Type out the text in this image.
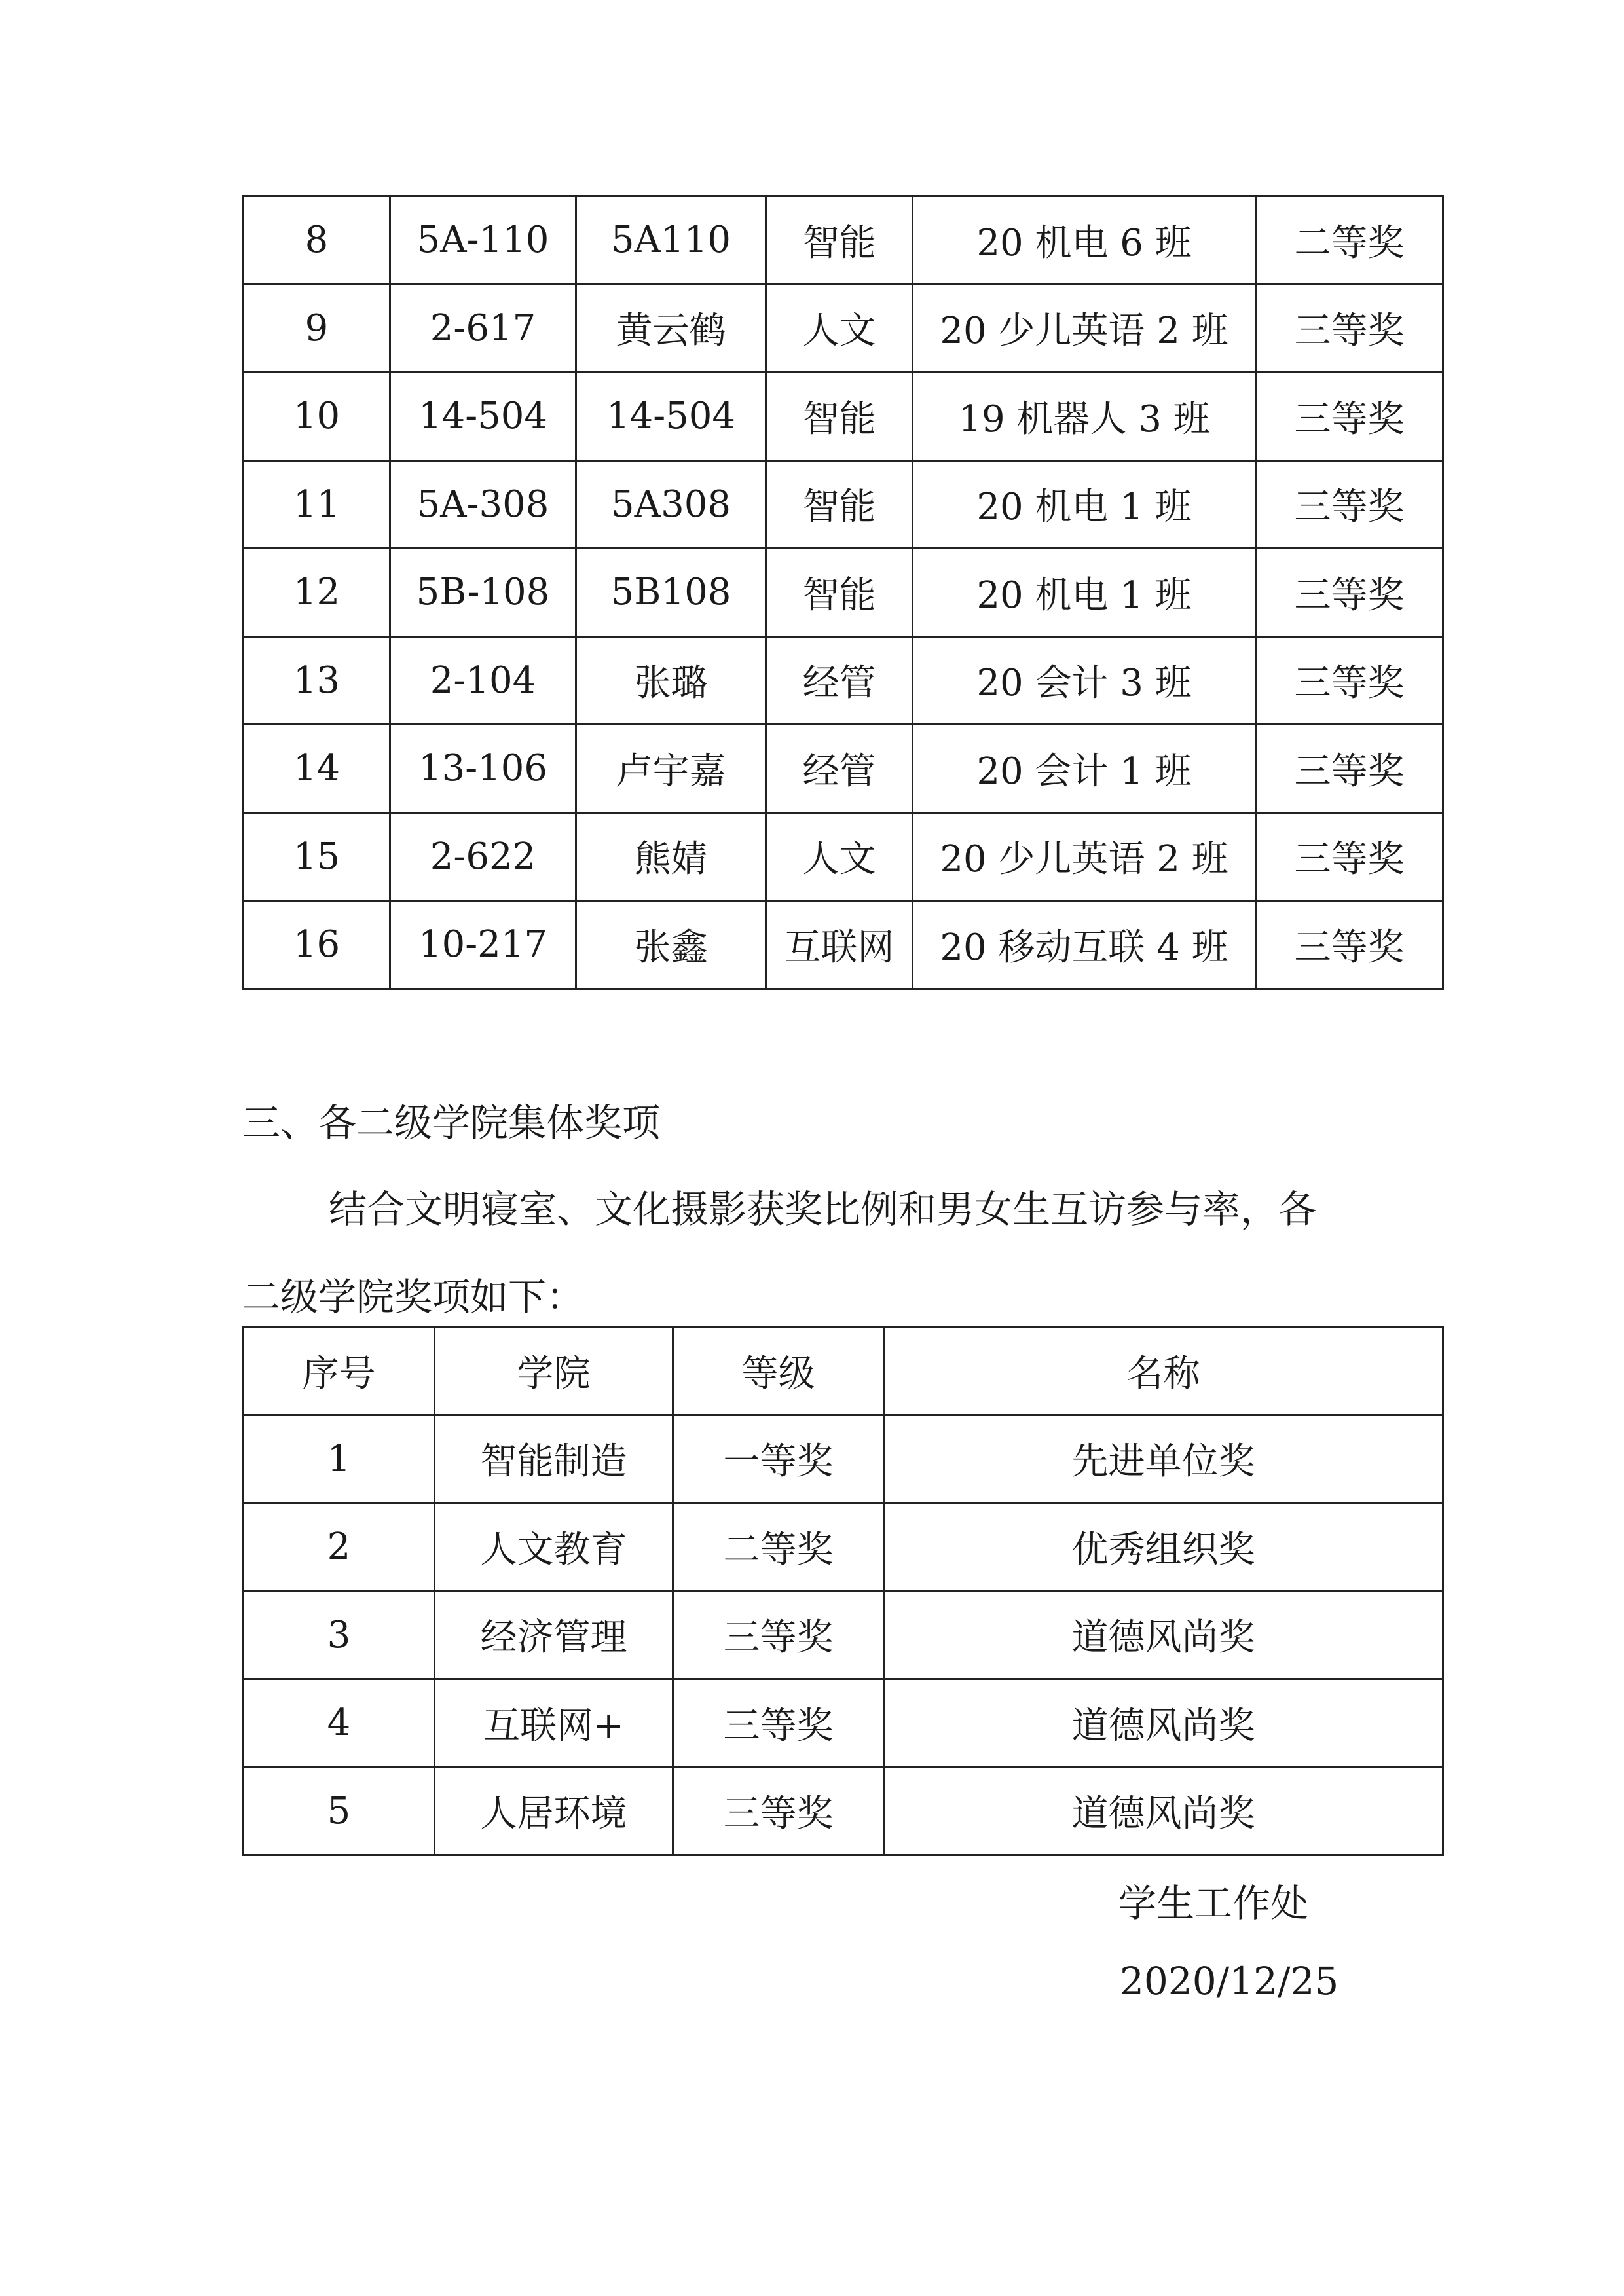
8	5A-110	5A110	智能	20 机电 6 班	二等奖
9	2-617	黄云鹤	人文	20 少儿英语 2 班	三等奖
10	14-504	14-504	智能	19 机器人 3 班	三等奖
11	5A-308	5A308	智能	20 机电 1 班	三等奖
12	5B-108	5B108	智能	20 机电 1 班	三等奖
13	2-104	张璐	经管	20 会计 3 班	三等奖
14	13-106	卢宇嘉	经管	20 会计 1 班	三等奖
15	2-622	熊婧	人文	20 少儿英语 2 班	三等奖
16	10-217	张鑫	互联网	20 移动互联 4 班	三等奖
三、各二级学院集体奖项
结合文明寝室、文化摄影获奖比例和男女生互访参与率，各
二级学院奖项如下：
序号	学院	等级	名称
1	智能制造	一等奖	先进单位奖
2	人文教育	二等奖	优秀组织奖
3	经济管理	三等奖	道德风尚奖
4	互联网+	三等奖	道德风尚奖
5	人居环境	三等奖	道德风尚奖
学生工作处
2020/12/25
